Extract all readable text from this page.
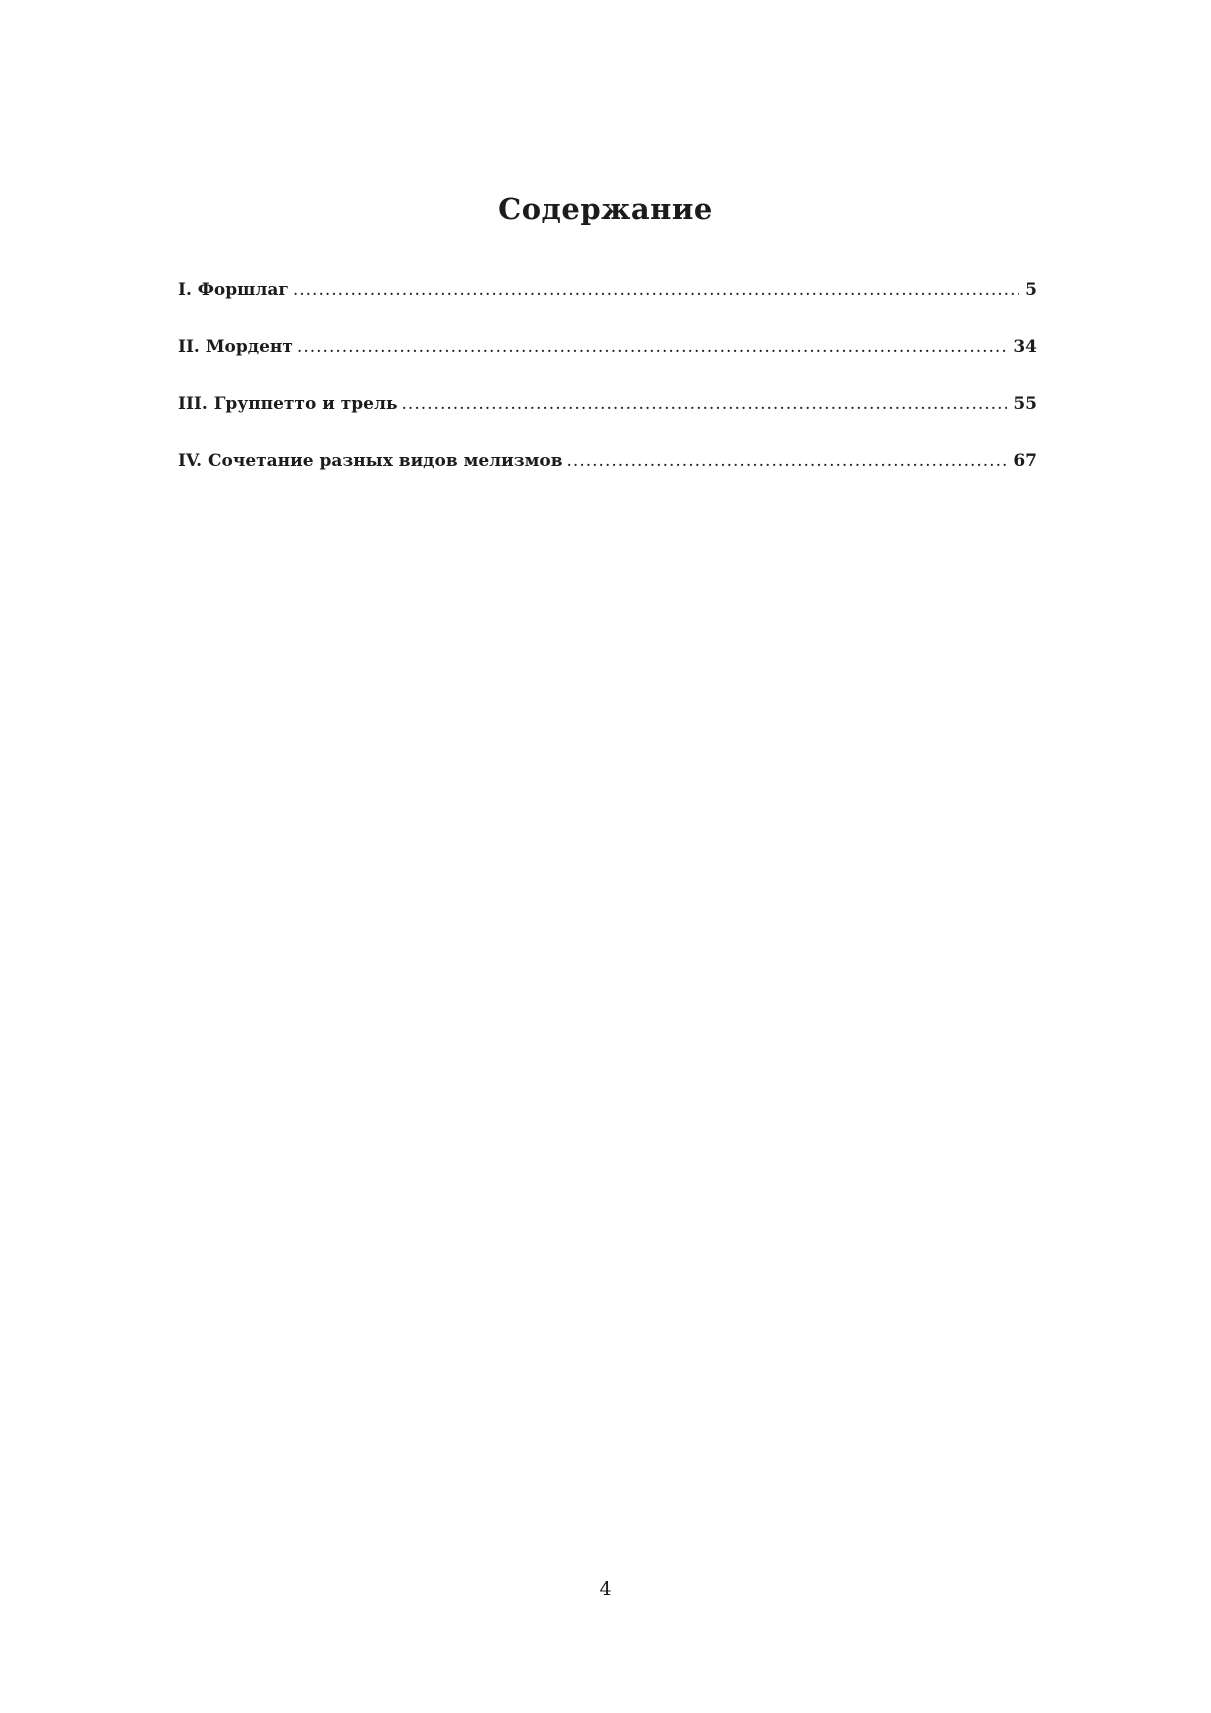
Содержание
I. Форшлаг .....	5
II. Мордент .....	34
III. Группетто и трель .....	55
IV. Сочетание разных видов мелизмов .....	67
4
